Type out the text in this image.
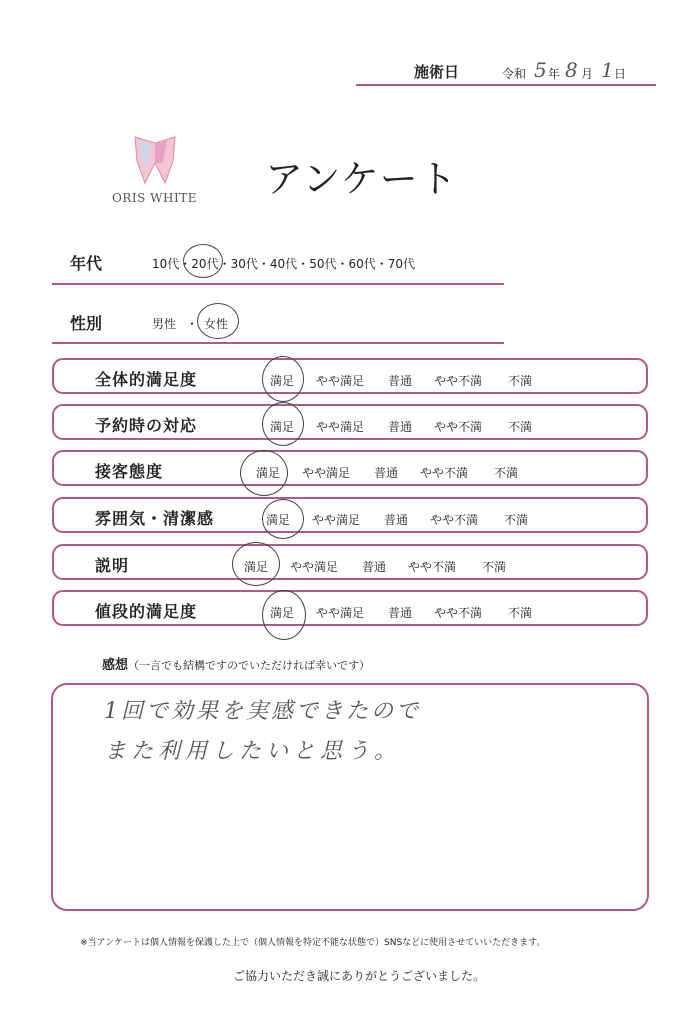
施術日	令和 5 年 8 月 1 日
ORIS WHITE アンケート
年代	10代・20代・30代・40代・50代・60代・70代
性別	男性 ・ 女性
全体的満足度	満足 やや満足 普通 やや不満 不満
予約時の対応	満足 やや満足 普通 やや不満 不満
接客態度	満足 やや満足 普通 やや不満 不満
雰囲気・清潔感	満足 やや満足 普通 やや不満 不満
説明	満足 やや満足 普通 やや不満 不満
値段的満足度	満足 やや満足 普通 やや不満 不満
感想（一言でも結構ですのでいただければ幸いです）
1回で効果を実感できたので
また利用したいと思う。
※当アンケートは個人情報を保護した上で（個人情報を特定不能な状態で）SNSなどに使用させていいただきます。
ご協力いただき誠にありがとうございました。
